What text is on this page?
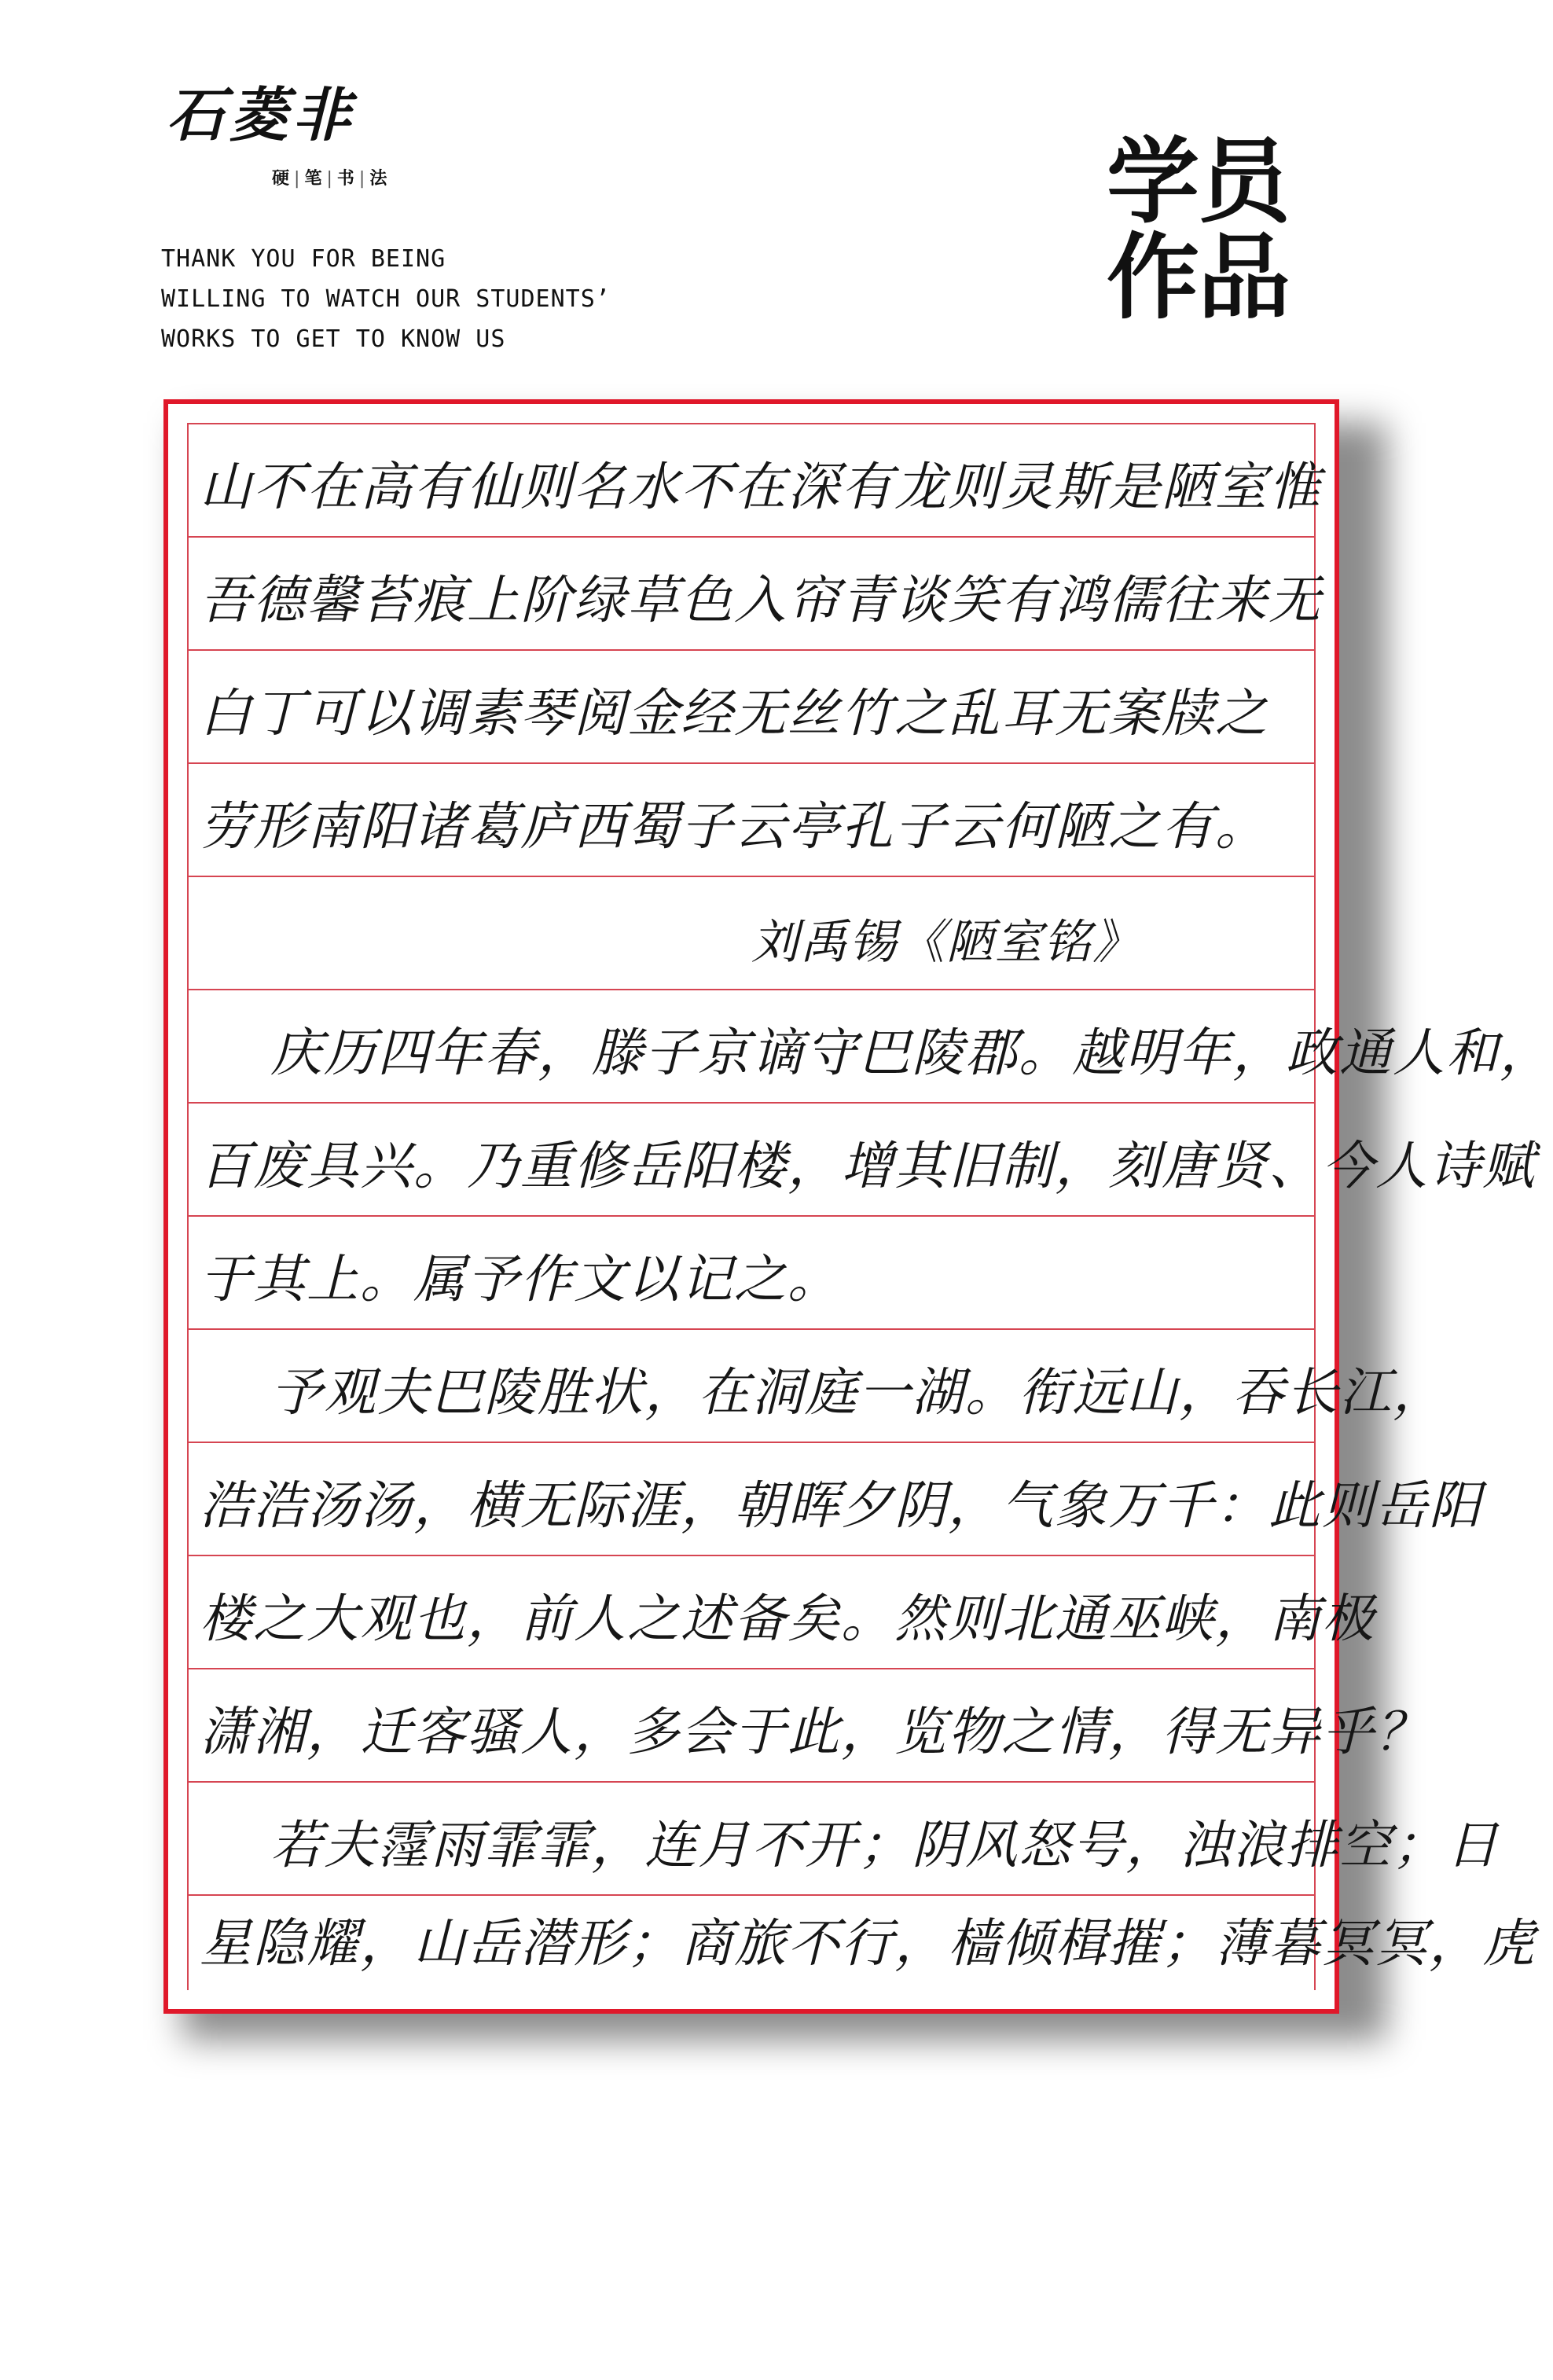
石菱非
硬 | 笔 | 书 | 法
THANK YOU FOR BEING
WILLING TO WATCH OUR STUDENTS’
WORKS TO GET TO KNOW US
学员
作品
山不在高有仙则名水不在深有龙则灵斯是陋室惟
吾德馨苔痕上阶绿草色入帘青谈笑有鸿儒往来无
白丁可以调素琴阅金经无丝竹之乱耳无案牍之
劳形南阳诸葛庐西蜀子云亭孔子云何陋之有。
刘禹锡《陋室铭》
庆历四年春，滕子京谪守巴陵郡。越明年，政通人和，
百废具兴。乃重修岳阳楼，增其旧制，刻唐贤、今人诗赋
于其上。属予作文以记之。
予观夫巴陵胜状，在洞庭一湖。衔远山，吞长江，
浩浩汤汤，横无际涯，朝晖夕阴，气象万千：此则岳阳
楼之大观也，前人之述备矣。然则北通巫峡，南极
潇湘，迁客骚人，多会于此，览物之情，得无异乎？
若夫霪雨霏霏，连月不开；阴风怒号，浊浪排空；日
星隐耀，山岳潜形；商旅不行，樯倾楫摧；薄暮冥冥，虎
